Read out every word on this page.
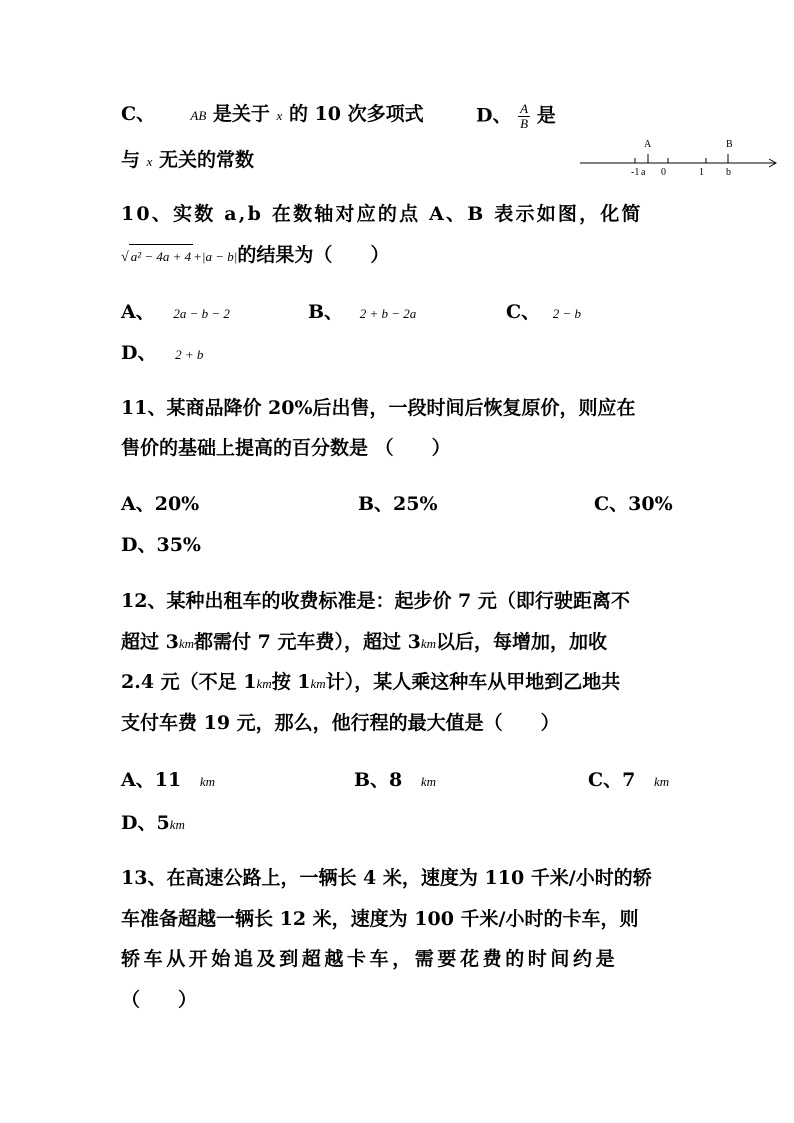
C、	AB 是关于 x 的 10 次多项式	D、 $\frac{A}{B}$ 是
与 x 无关的常数
A	B
-1 a 0	1 b
10、实数 a,b 在数轴对应的点 A、B 表示如图，化简
√ a² − 4a + 4 +|a − b|的结果为（　　）
A、 2a − b − 2	B、 2 + b − 2a	C、 2 − b
D、 2 + b
11、某商品降价 20%后出售，一段时间后恢复原价，则应在
售价的基础上提高的百分数是 （　　）
A、20%	B、25%	C、30%
D、35%
12、某种出租车的收费标准是：起步价 7 元（即行驶距离不
超过 3km都需付 7 元车费），超过 3km以后，每增加，加收
2.4 元（不足 1km按 1km计），某人乘这种车从甲地到乙地共
支付车费 19 元，那么，他行程的最大值是（　　）
A、11 km	B、8 km	C、7 km
D、5km
13、在高速公路上，一辆长 4 米，速度为 110 千米/小时的轿
车准备超越一辆长 12 米，速度为 100 千米/小时的卡车，则
轿车从开始追及到超越卡车，需要花费的时间约是
（　　）
